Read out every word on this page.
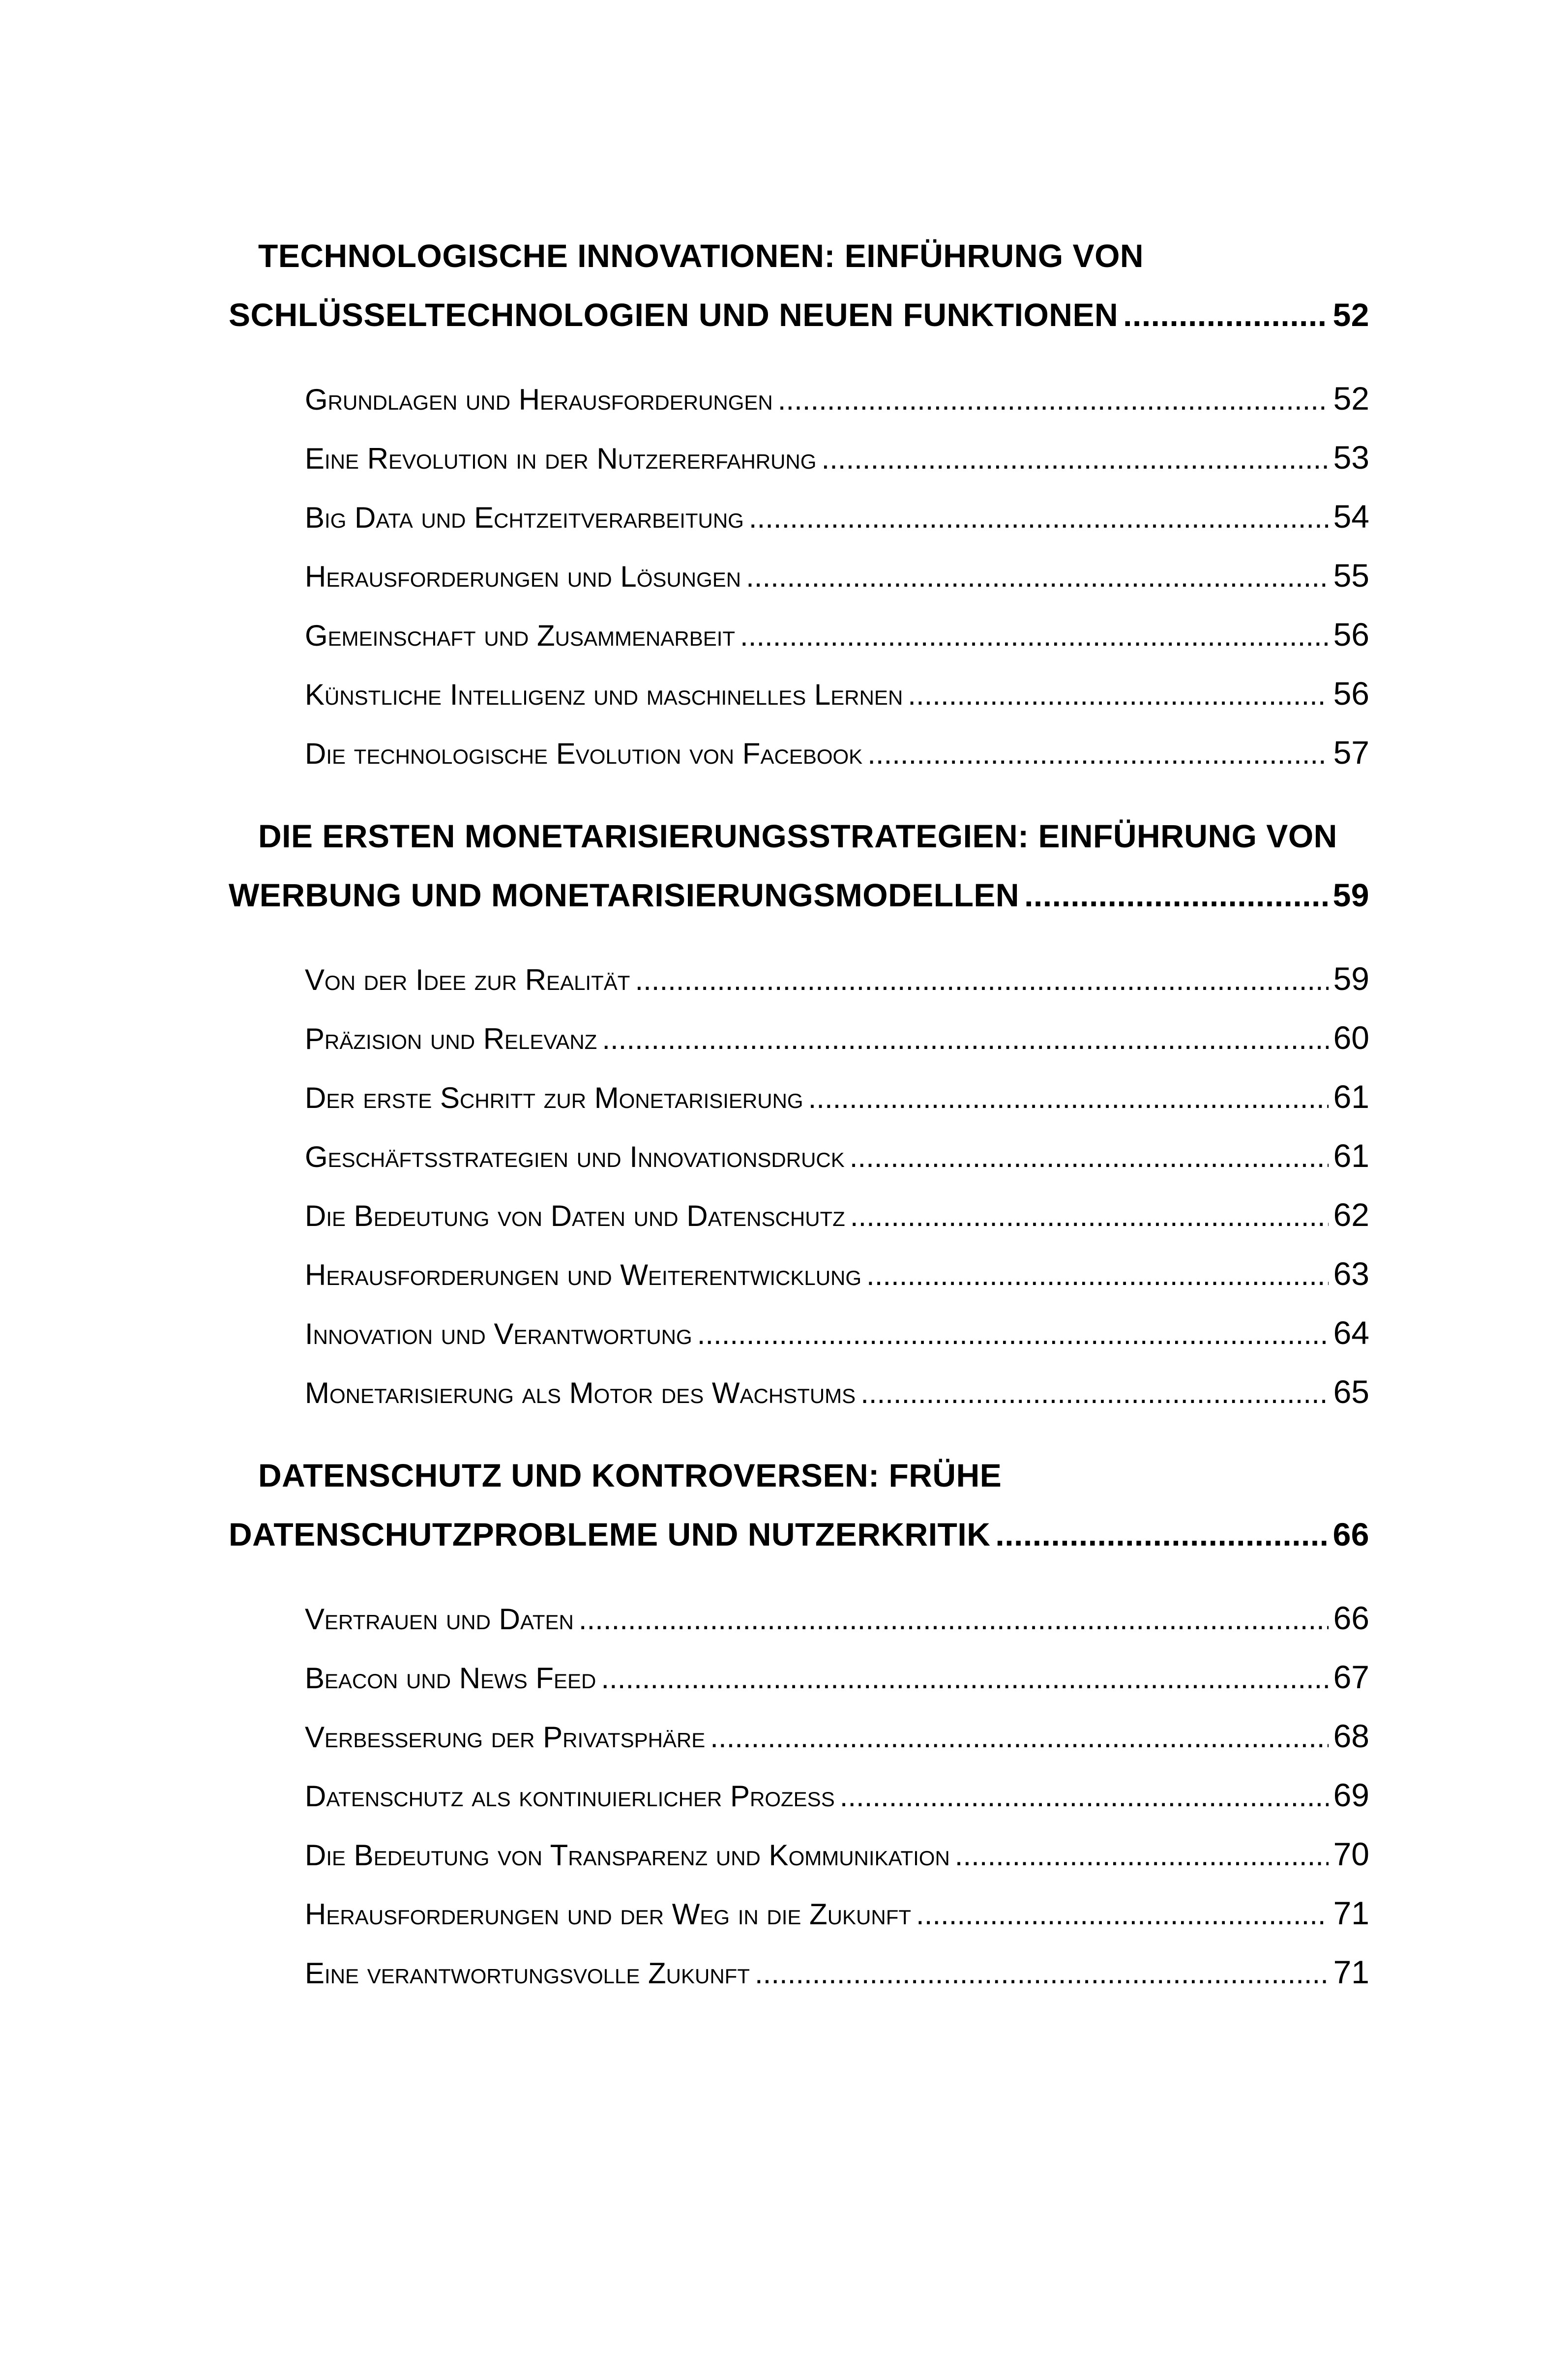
TECHNOLOGISCHE INNOVATIONEN: EINFÜHRUNG VON
SCHLÜSSELTECHNOLOGIEN UND NEUEN FUNKTIONEN .....	52
Grundlagen und Herausforderungen .....	52
Eine Revolution in der Nutzererfahrung .....	53
Big Data und Echtzeitverarbeitung .....	54
Herausforderungen und Lösungen .....	55
Gemeinschaft und Zusammenarbeit .....	56
Künstliche Intelligenz und maschinelles Lernen .....	56
Die technologische Evolution von Facebook .....	57
DIE ERSTEN MONETARISIERUNGSSTRATEGIEN: EINFÜHRUNG VON
WERBUNG UND MONETARISIERUNGSMODELLEN .....	59
Von der Idee zur Realität .....	59
Präzision und Relevanz .....	60
Der erste Schritt zur Monetarisierung .....	61
Geschäftsstrategien und Innovationsdruck .....	61
Die Bedeutung von Daten und Datenschutz .....	62
Herausforderungen und Weiterentwicklung .....	63
Innovation und Verantwortung .....	64
Monetarisierung als Motor des Wachstums .....	65
DATENSCHUTZ UND KONTROVERSEN: FRÜHE
DATENSCHUTZPROBLEME UND NUTZERKRITIK .....	66
Vertrauen und Daten .....	66
Beacon und News Feed .....	67
Verbesserung der Privatsphäre .....	68
Datenschutz als kontinuierlicher Prozess .....	69
Die Bedeutung von Transparenz und Kommunikation .....	70
Herausforderungen und der Weg in die Zukunft .....	71
Eine verantwortungsvolle Zukunft .....	71
